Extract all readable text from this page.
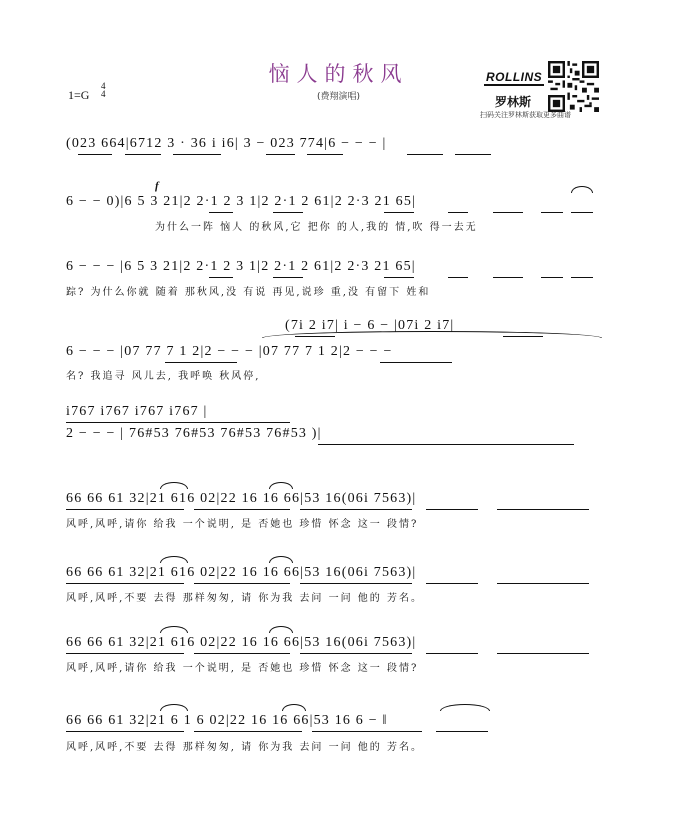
恼人的秋风
(费翔演唱)
1=G
4
4
ROLLINS
罗林斯
扫码关注罗林斯获取更多曲谱
(023 664|6712 3 · 36 i i6| 3 − 023 774|6 − − − |
f
6 − − 0)|6 5 3 21|2 2·1 2 3 1|2 2·1 2 61|2 2·3 21 65|
为什么一阵 恼人 的秋风,它 把你 的人,我的 情,吹 得一去无
6 − − − |6 5 3 21|2 2·1 2 3 1|2 2·1 2 61|2 2·3 21 65|
踪? 为什么你就 随着 那秋风,没 有说 再见,说珍 重,没 有留下 姓和
(7i 2 i7| i − 6 − |07i 2 i7|
6 − − − |07 77 7 1 2|2 − − − |07 77 7 1 2|2 − − −
名? 我追寻 风儿去, 我呼唤 秋风停,
i767 i767 i767 i767 |
2 − − − | 76#53 76#53 76#53 76#53 )|
66 66 61 32|21 616 02|22 16 16 66|53 16(06i 7563)|
风呼,风呼,请你 给我 一个说明, 是 否她也 珍惜 怀念 这一 段情?
66 66 61 32|21 616 02|22 16 16 66|53 16(06i 7563)|
风呼,风呼,不要 去得 那样匆匆, 请 你为我 去问 一问 他的 芳名。
66 66 61 32|21 616 02|22 16 16 66|53 16(06i 7563)|
风呼,风呼,请你 给我 一个说明, 是 否她也 珍惜 怀念 这一 段情?
66 66 61 32|21 6 1 6 02|22 16 16 66|53 16 6 − ‖
风呼,风呼,不要 去得 那样匆匆, 请 你为我 去问 一问 他的 芳名。
